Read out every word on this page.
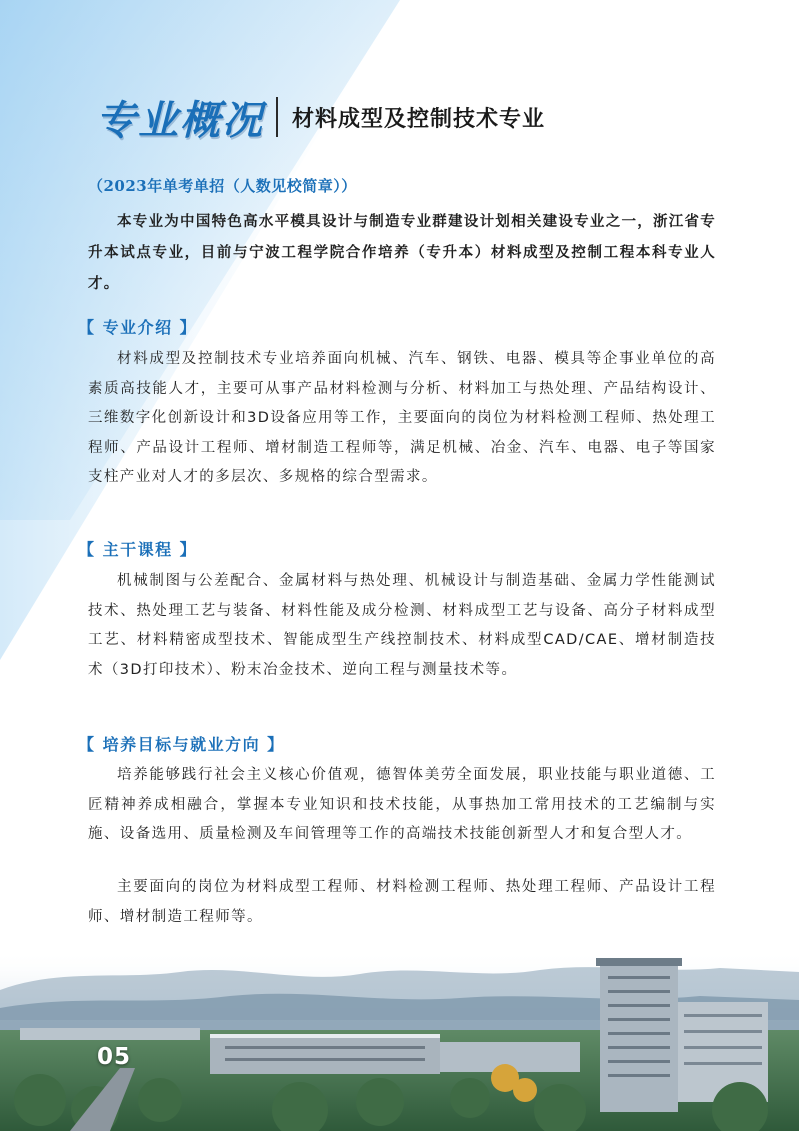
专业概况 材料成型及控制技术专业
（2023年单考单招（人数见校简章））

本专业为中国特色高水平模具设计与制造专业群建设计划相关建设专业之一，浙江省专升本试点专业，目前与宁波工程学院合作培养（专升本）材料成型及控制工程本科专业人才。

【 专业介绍 】

材料成型及控制技术专业培养面向机械、汽车、钢铁、电器、模具等企事业单位的高素质高技能人才，主要可从事产品材料检测与分析、材料加工与热处理、产品结构设计、三维数字化创新设计和3D设备应用等工作，主要面向的岗位为材料检测工程师、热处理工程师、产品设计工程师、增材制造工程师等，满足机械、冶金、汽车、电器、电子等国家支柱产业对人才的多层次、多规格的综合型需求。

【 主干课程 】

机械制图与公差配合、金属材料与热处理、机械设计与制造基础、金属力学性能测试技术、热处理工艺与装备、材料性能及成分检测、材料成型工艺与设备、高分子材料成型工艺、材料精密成型技术、智能成型生产线控制技术、材料成型CAD/CAE、增材制造技术（3D打印技术）、粉末冶金技术、逆向工程与测量技术等。

【 培养目标与就业方向 】

培养能够践行社会主义核心价值观，德智体美劳全面发展，职业技能与职业道德、工匠精神养成相融合，掌握本专业知识和技术技能，从事热加工常用技术的工艺编制与实施、设备选用、质量检测及车间管理等工作的高端技术技能创新型人才和复合型人才。

主要面向的岗位为材料成型工程师、材料检测工程师、热处理工程师、产品设计工程师、增材制造工程师等。

05
